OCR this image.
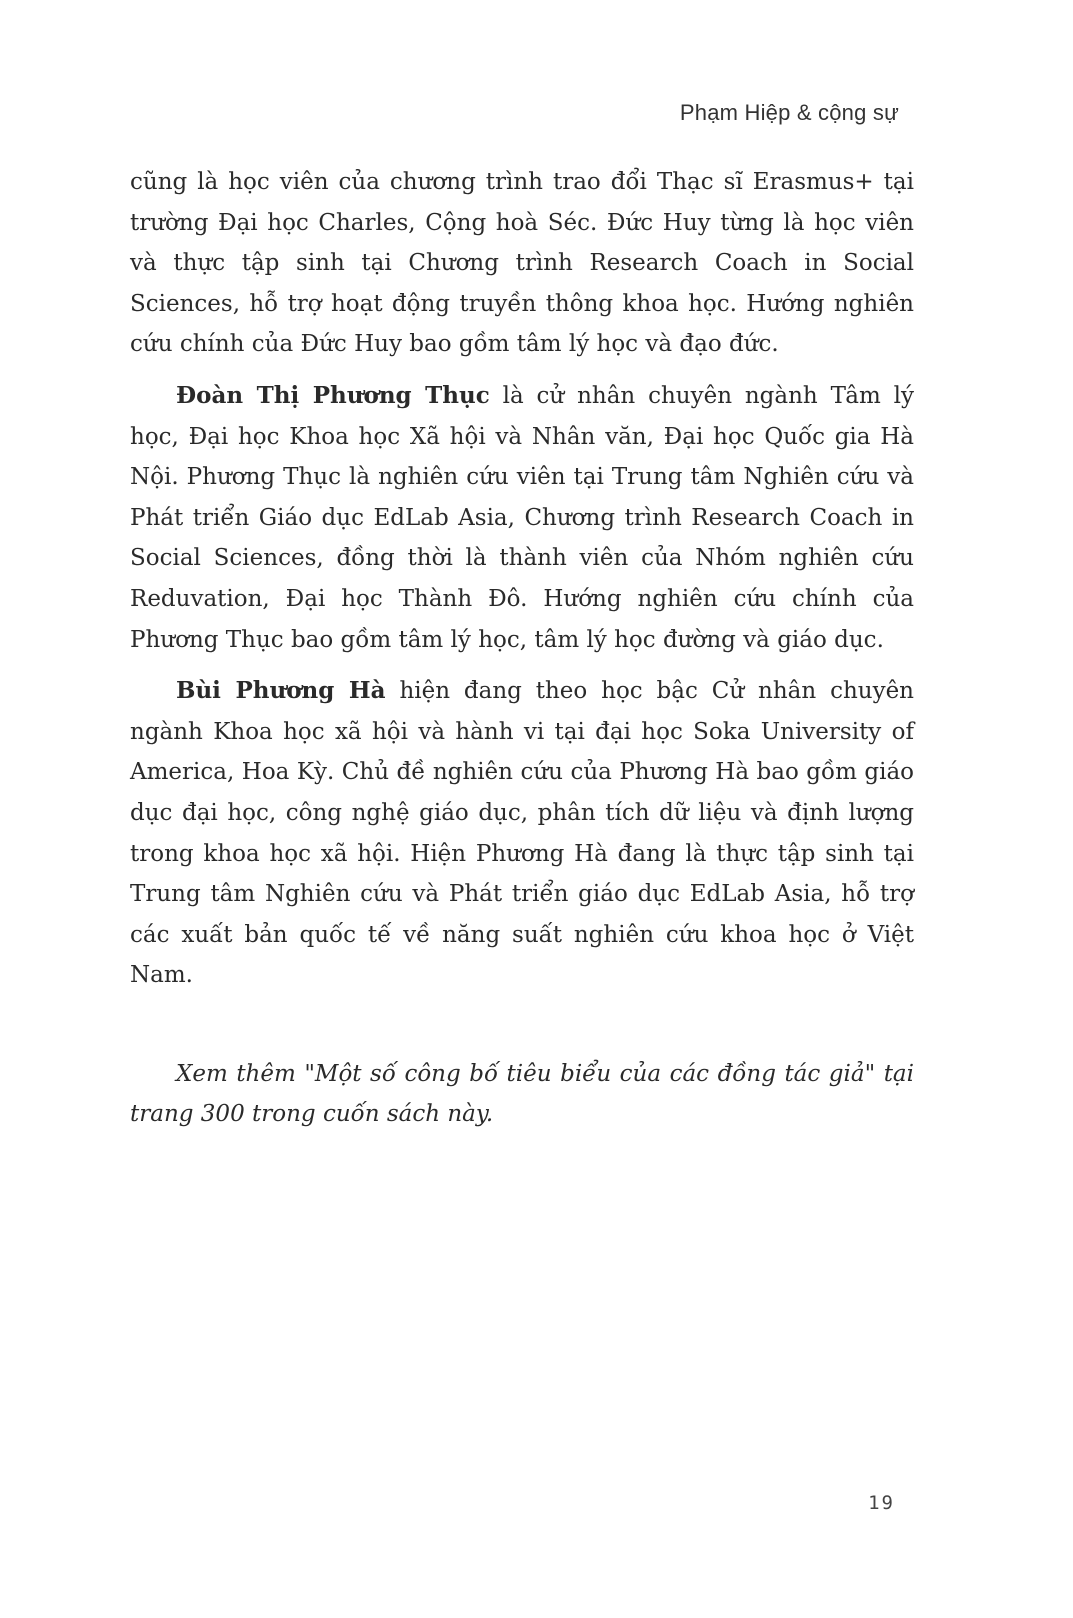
Phạm Hiệp & cộng sự

cũng là học viên của chương trình trao đổi Thạc sĩ Erasmus+ tại trường Đại học Charles, Cộng hoà Séc. Đức Huy từng là học viên và thực tập sinh tại Chương trình Research Coach in Social Sciences, hỗ trợ hoạt động truyền thông khoa học. Hướng nghiên cứu chính của Đức Huy bao gồm tâm lý học và đạo đức.

Đoàn Thị Phương Thục là cử nhân chuyên ngành Tâm lý học, Đại học Khoa học Xã hội và Nhân văn, Đại học Quốc gia Hà Nội. Phương Thục là nghiên cứu viên tại Trung tâm Nghiên cứu và Phát triển Giáo dục EdLab Asia, Chương trình Research Coach in Social Sciences, đồng thời là thành viên của Nhóm nghiên cứu Reduvation, Đại học Thành Đô. Hướng nghiên cứu chính của Phương Thục bao gồm tâm lý học, tâm lý học đường và giáo dục.

Bùi Phương Hà hiện đang theo học bậc Cử nhân chuyên ngành Khoa học xã hội và hành vi tại đại học Soka University of America, Hoa Kỳ. Chủ đề nghiên cứu của Phương Hà bao gồm giáo dục đại học, công nghệ giáo dục, phân tích dữ liệu và định lượng trong khoa học xã hội. Hiện Phương Hà đang là thực tập sinh tại Trung tâm Nghiên cứu và Phát triển giáo dục EdLab Asia, hỗ trợ các xuất bản quốc tế về năng suất nghiên cứu khoa học ở Việt Nam.

Xem thêm "Một số công bố tiêu biểu của các đồng tác giả" tại trang 300 trong cuốn sách này.

19
